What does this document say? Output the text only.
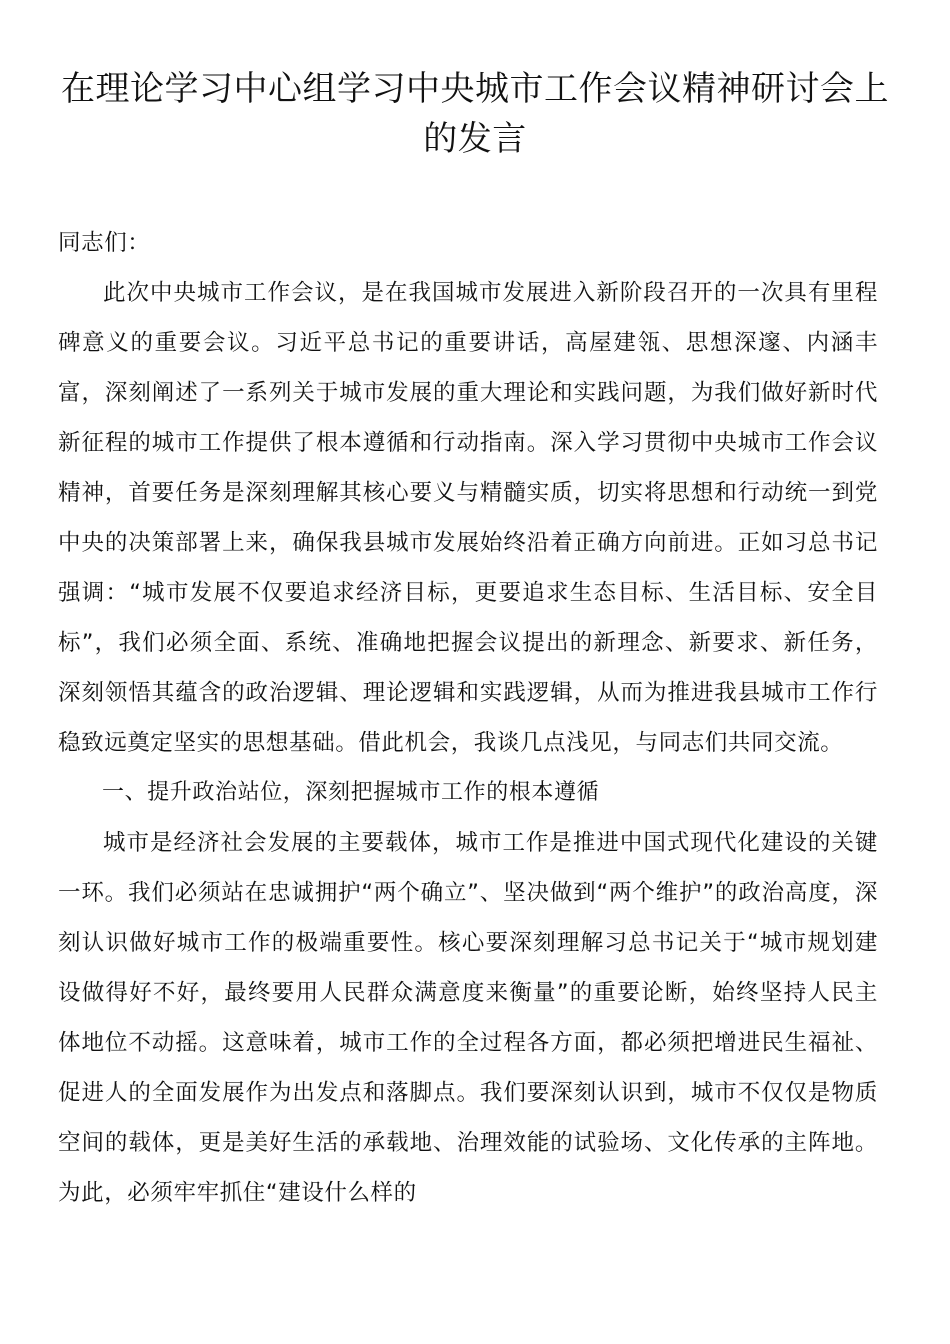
在理论学习中心组学习中央城市工作会议精神研讨会上的发言

同志们：

此次中央城市工作会议，是在我国城市发展进入新阶段召开的一次具有里程碑意义的重要会议。习近平总书记的重要讲话，高屋建瓴、思想深邃、内涵丰富，深刻阐述了一系列关于城市发展的重大理论和实践问题，为我们做好新时代新征程的城市工作提供了根本遵循和行动指南。深入学习贯彻中央城市工作会议精神，首要任务是深刻理解其核心要义与精髓实质，切实将思想和行动统一到党中央的决策部署上来，确保我县城市发展始终沿着正确方向前进。正如习总书记强调：“城市发展不仅要追求经济目标，更要追求生态目标、生活目标、安全目标”，我们必须全面、系统、准确地把握会议提出的新理念、新要求、新任务，深刻领悟其蕴含的政治逻辑、理论逻辑和实践逻辑，从而为推进我县城市工作行稳致远奠定坚实的思想基础。借此机会，我谈几点浅见，与同志们共同交流。

一、提升政治站位，深刻把握城市工作的根本遵循

城市是经济社会发展的主要载体，城市工作是推进中国式现代化建设的关键一环。我们必须站在忠诚拥护“两个确立”、坚决做到“两个维护”的政治高度，深刻认识做好城市工作的极端重要性。核心要深刻理解习总书记关于“城市规划建设做得好不好，最终要用人民群众满意度来衡量”的重要论断，始终坚持人民主体地位不动摇。这意味着，城市工作的全过程各方面，都必须把增进民生福祉、促进人的全面发展作为出发点和落脚点。我们要深刻认识到，城市不仅仅是物质空间的载体，更是美好生活的承载地、治理效能的试验场、文化传承的主阵地。为此，必须牢牢抓住“建设什么样的
